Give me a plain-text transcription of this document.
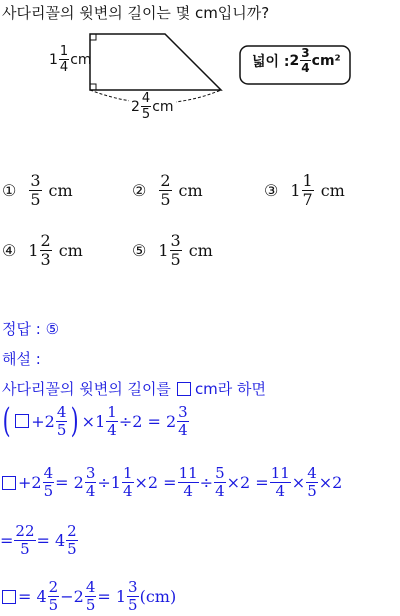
사다리꼴의 윗변의 길이는 몇 cm입니까?
$1 \frac{1}{4}$ cm
$2 \frac{4}{5}$ cm
넓이 : $2 \frac{3}{4} cm^2$
① $\frac{3}{5}$ cm	② $\frac{2}{5}$ cm	③ $1 \frac{1}{7}$ cm
④ $1 \frac{2}{3}$ cm	⑤ $1 \frac{3}{5}$ cm
정답 : ⑤
해설 :
사다리꼴의 윗변의 길이를 cm라 하면
( $+2 \frac{4}{5}$ ) $\times 1 \frac{1}{4} \div 2 = 2 \frac{3}{4}$
$+2 \frac{4}{5} = 2 \frac{3}{4} \div 1 \frac{1}{4} \times 2 = \frac{11}{4} \div \frac{5}{4} \times 2 = \frac{11}{4} \times \frac{4}{5} \times 2$
= $\frac{22}{5} = 4 \frac{2}{5}$
= $4 \frac{2}{5} -2 \frac{4}{5} = 1 \frac{3}{5} (cm)$
